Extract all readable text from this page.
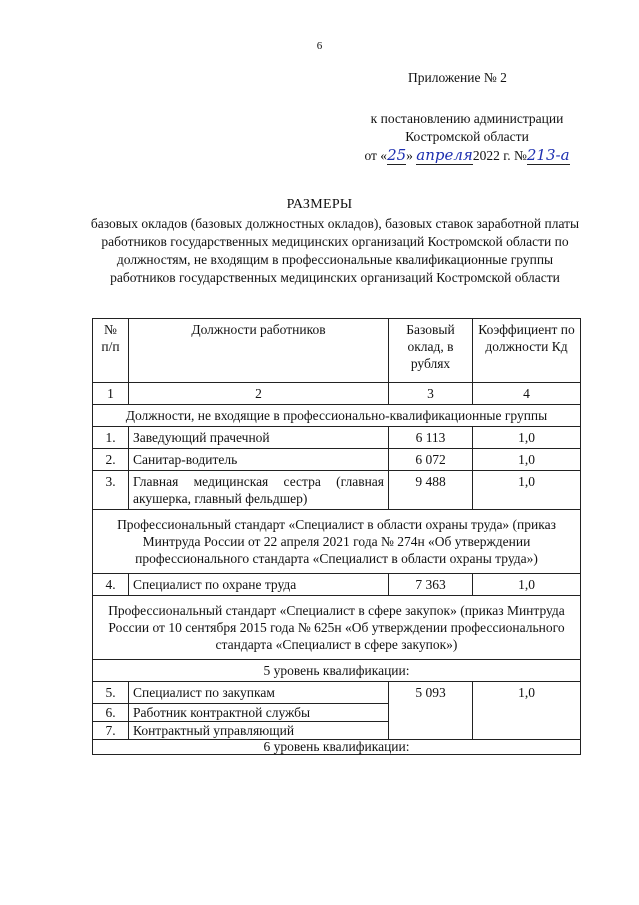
6
Приложение № 2
к постановлению администрации
Костромской области
от «25» апреля2022 г. №213-а
РАЗМЕРЫ
базовых окладов (базовых должностных окладов), базовых ставок заработной платы работников государственных медицинских организаций Костромской области по должностям, не входящим в профессиональные квалификационные группы работников государственных медицинских организаций Костромской области
№ п/п	Должности работников	Базовый оклад, в рублях	Коэффициент по должности Кд
1	2	3	4
Должности, не входящие в профессионально-квалификационные группы			
1.	Заведующий прачечной	6 113	1,0
2.	Санитар-водитель	6 072	1,0
3.	Главная медицинская сестра (главная акушерка, главный фельдшер)	9 488	1,0
Профессиональный стандарт «Специалист в области охраны труда» (приказ Минтруда России от 22 апреля 2021 года № 274н «Об утверждении профессионального стандарта «Специалист в области охраны труда»)			
4.	Специалист по охране труда	7 363	1,0
Профессиональный стандарт «Специалист в сфере закупок» (приказ Минтруда России от 10 сентября 2015 года № 625н «Об утверждении профессионального стандарта «Специалист в сфере закупок»)			
5 уровень квалификации:			
5.	Специалист по закупкам	5 093	1,0
6.	Работник контрактной службы		
7.	Контрактный управляющий		
6 уровень квалификации:			
